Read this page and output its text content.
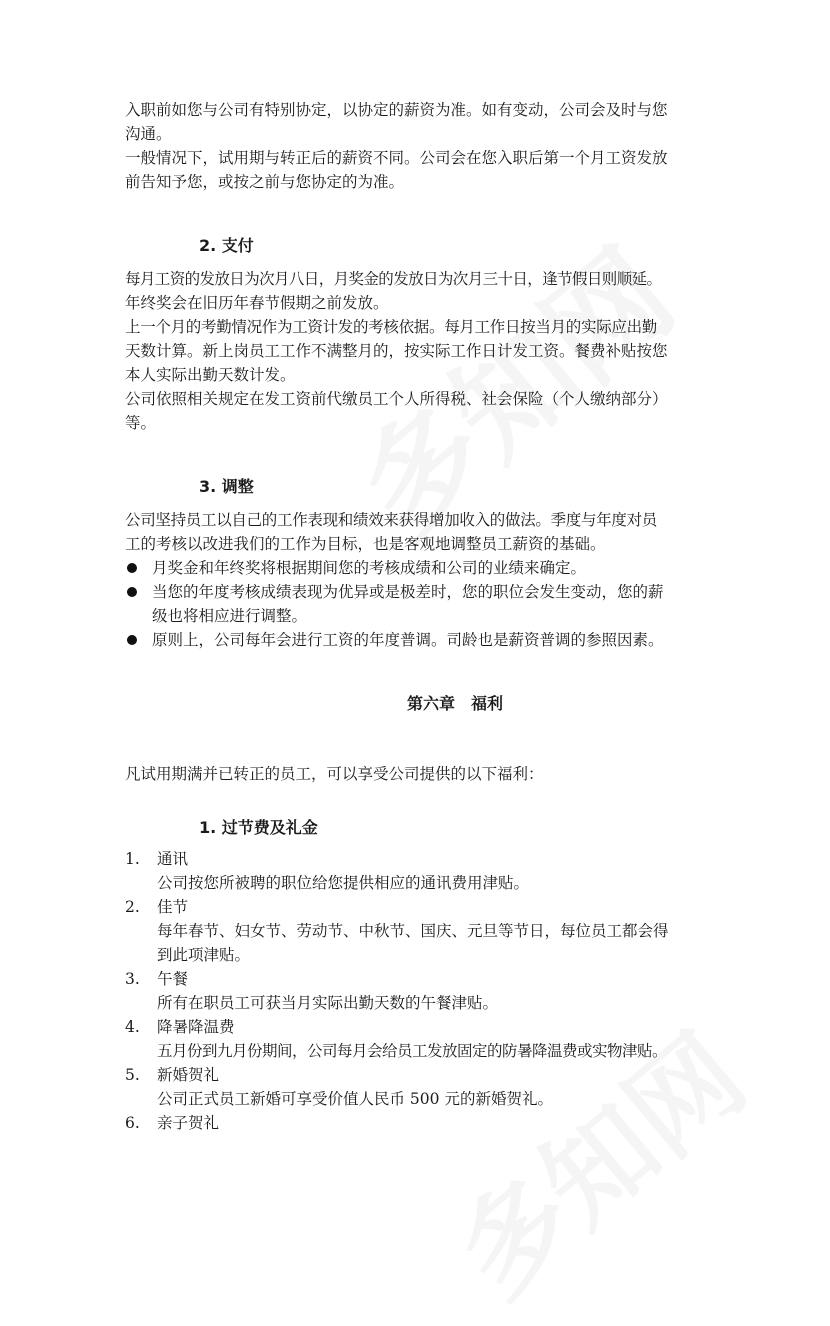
入职前如您与公司有特别协定，以协定的薪资为准。如有变动，公司会及时与您

沟通。

一般情况下，试用期与转正后的薪资不同。公司会在您入职后第一个月工资发放

前告知予您，或按之前与您协定的为准。

2. 支付

每月工资的发放日为次月八日，月奖金的发放日为次月三十日，逢节假日则顺延。

年终奖会在旧历年春节假期之前发放。

上一个月的考勤情况作为工资计发的考核依据。每月工作日按当月的实际应出勤

天数计算。新上岗员工工作不满整月的，按实际工作日计发工资。餐费补贴按您

本人实际出勤天数计发。

公司依照相关规定在发工资前代缴员工个人所得税、社会保险（个人缴纳部分）

等。

3. 调整

公司坚持员工以自己的工作表现和绩效来获得增加收入的做法。季度与年度对员

工的考核以改进我们的工作为目标，也是客观地调整员工薪资的基础。

月奖金和年终奖将根据期间您的考核成绩和公司的业绩来确定。
当您的年度考核成绩表现为优异或是极差时，您的职位会发生变动，您的薪
级也将相应进行调整。
原则上，公司每年会进行工资的年度普调。司龄也是薪资普调的参照因素。
第六章　福利

凡试用期满并已转正的员工，可以享受公司提供的以下福利：

1. 过节费及礼金
1.	通讯

公司按您所被聘的职位给您提供相应的通讯费用津贴。

2.	佳节

每年春节、妇女节、劳动节、中秋节、国庆、元旦等节日，每位员工都会得

到此项津贴。

3.	午餐

所有在职员工可获当月实际出勤天数的午餐津贴。

4.	降暑降温费

五月份到九月份期间，公司每月会给员工发放固定的防暑降温费或实物津贴。

5.	新婚贺礼

公司正式员工新婚可享受价值人民币 500 元的新婚贺礼。

6.	亲子贺礼
